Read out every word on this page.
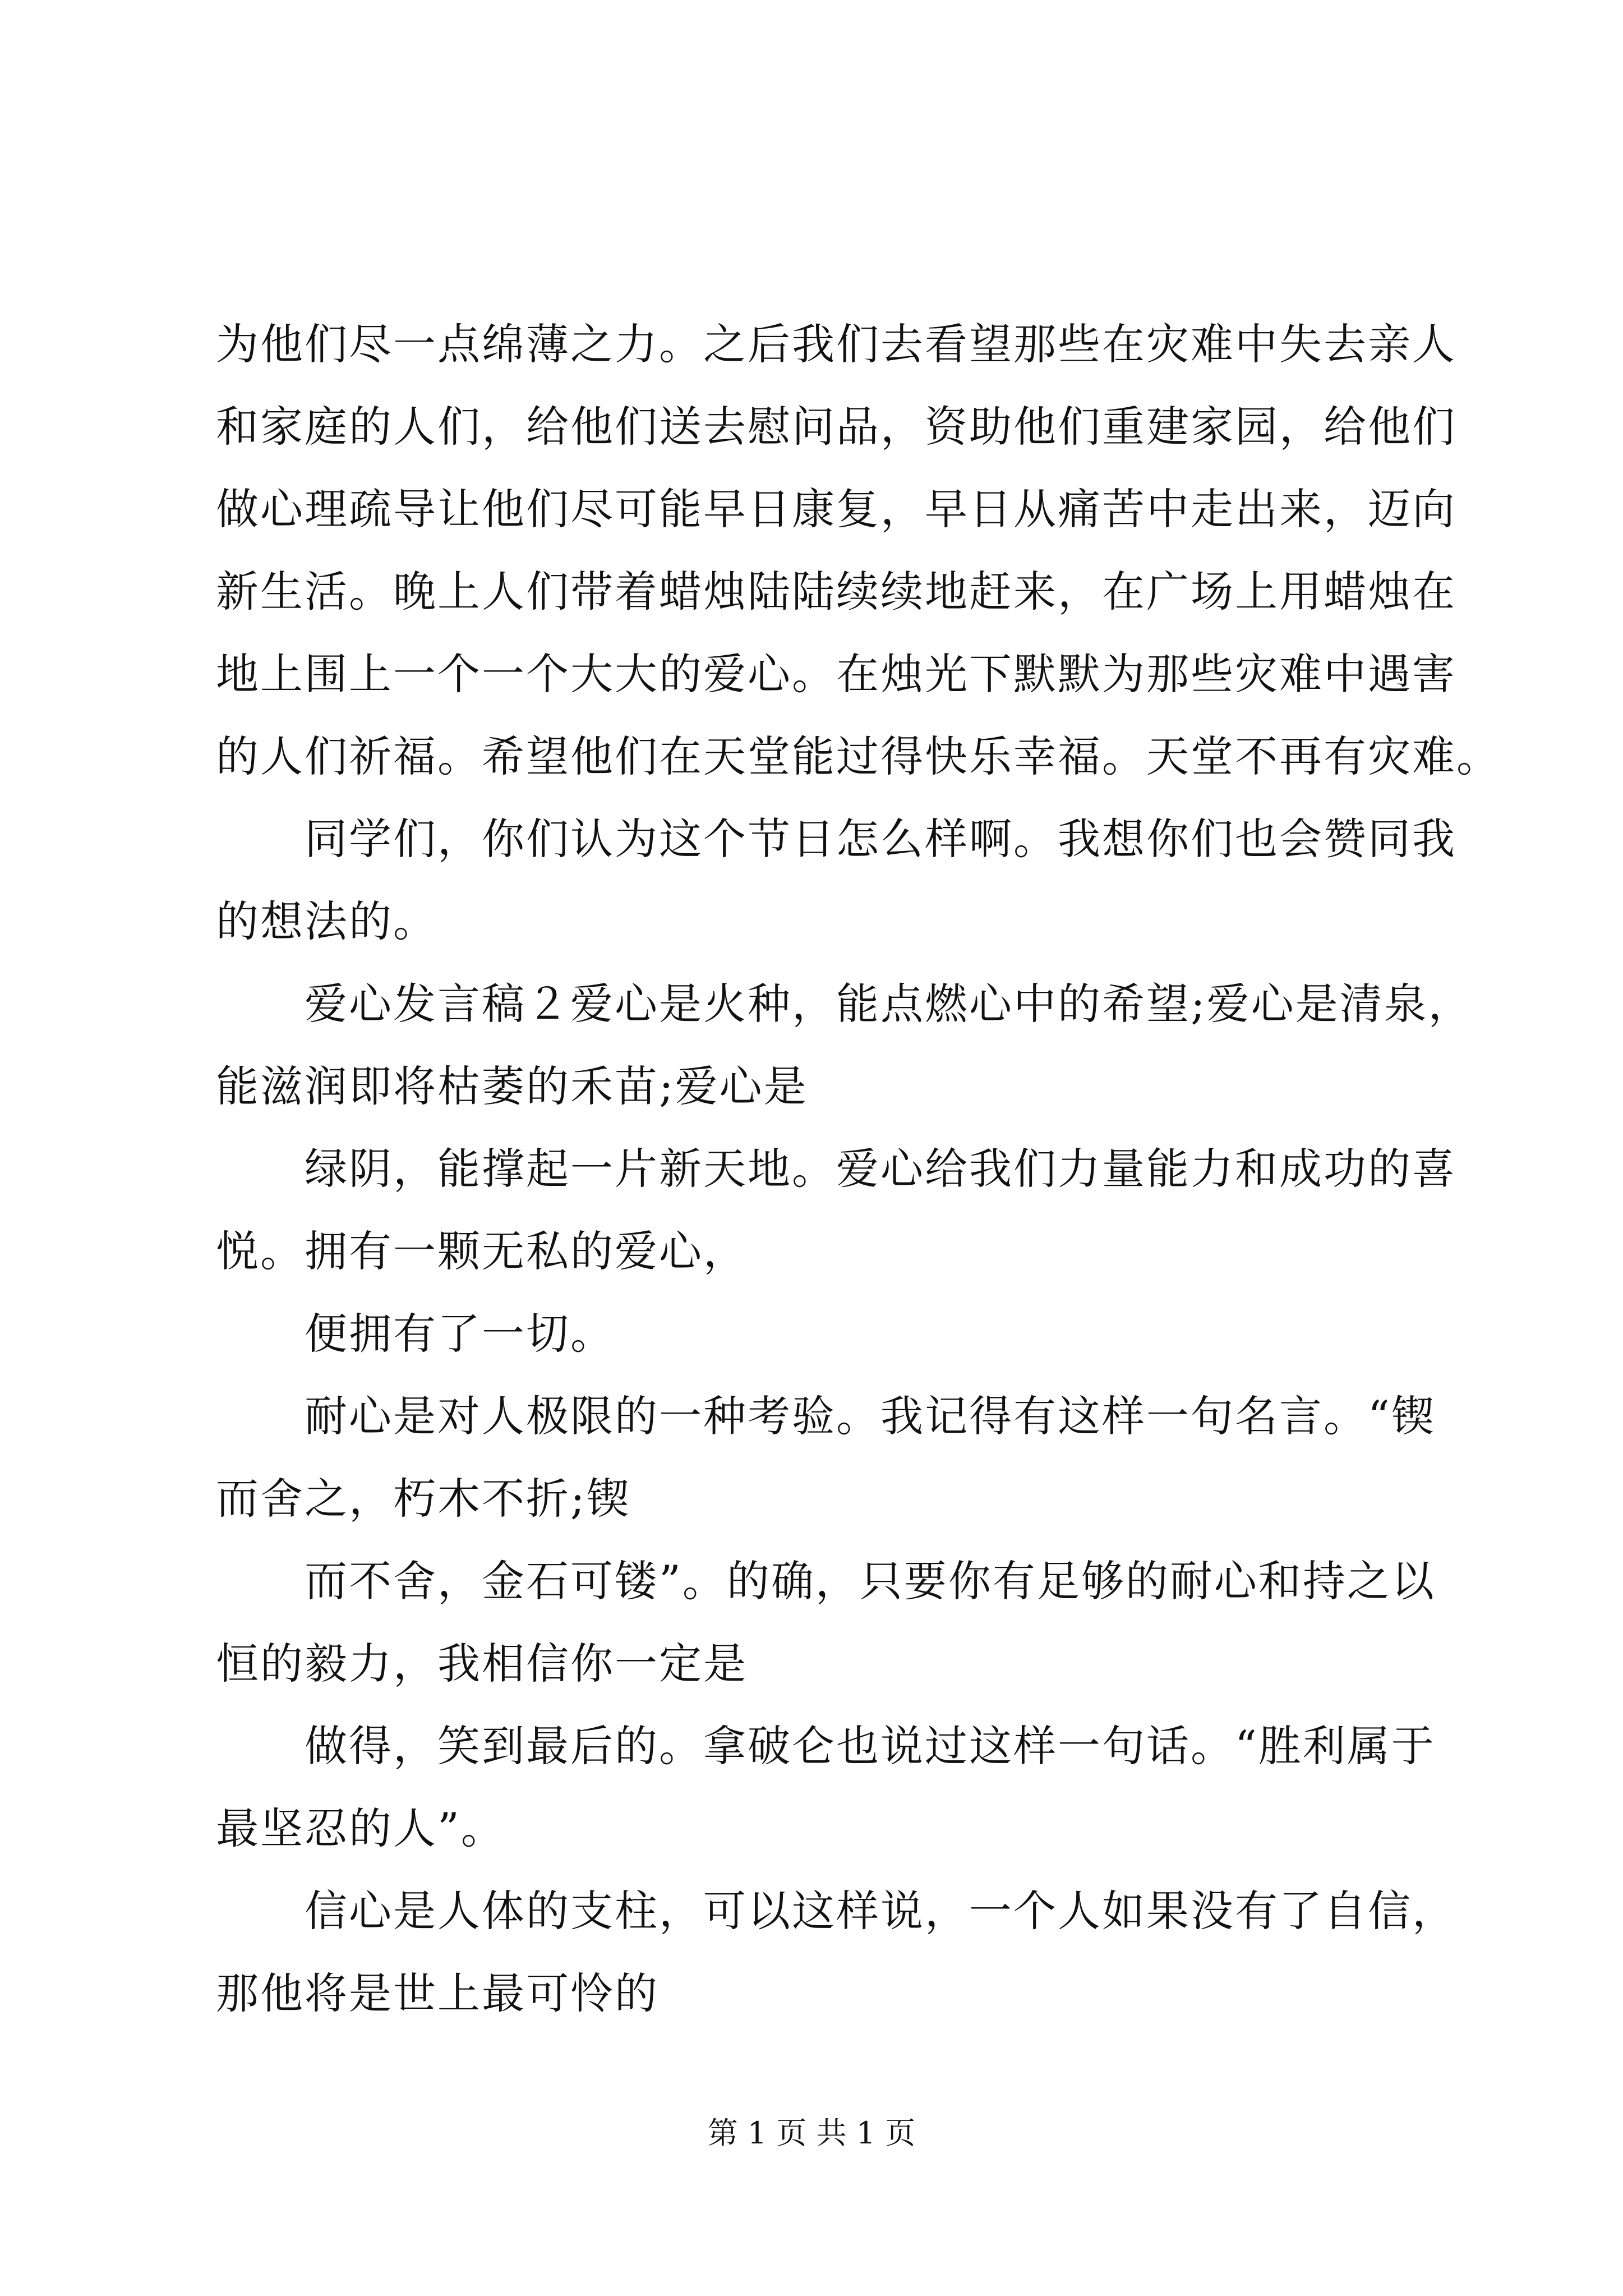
为他们尽一点绵薄之力。之后我们去看望那些在灾难中失去亲人

和家庭的人们，给他们送去慰问品，资助他们重建家园，给他们

做心理疏导让他们尽可能早日康复，早日从痛苦中走出来，迈向

新生活。晚上人们带着蜡烛陆陆续续地赶来，在广场上用蜡烛在

地上围上一个一个大大的爱心。在烛光下默默为那些灾难中遇害

的人们祈福。希望他们在天堂能过得快乐幸福。天堂不再有灾难。

　　同学们，你们认为这个节日怎么样啊。我想你们也会赞同我

的想法的。

　　爱心发言稿２爱心是火种，能点燃心中的希望;爱心是清泉，

能滋润即将枯萎的禾苗;爱心是

　　绿阴，能撑起一片新天地。爱心给我们力量能力和成功的喜

悦。拥有一颗无私的爱心，

　　便拥有了一切。

　　耐心是对人极限的一种考验。我记得有这样一句名言。“锲

而舍之，朽木不折;锲

　　而不舍，金石可镂”。的确，只要你有足够的耐心和持之以

恒的毅力，我相信你一定是

　　做得，笑到最后的。拿破仑也说过这样一句话。“胜利属于

最坚忍的人”。

　　信心是人体的支柱，可以这样说，一个人如果没有了自信，

那他将是世上最可怜的

第 1 页 共 1 页
